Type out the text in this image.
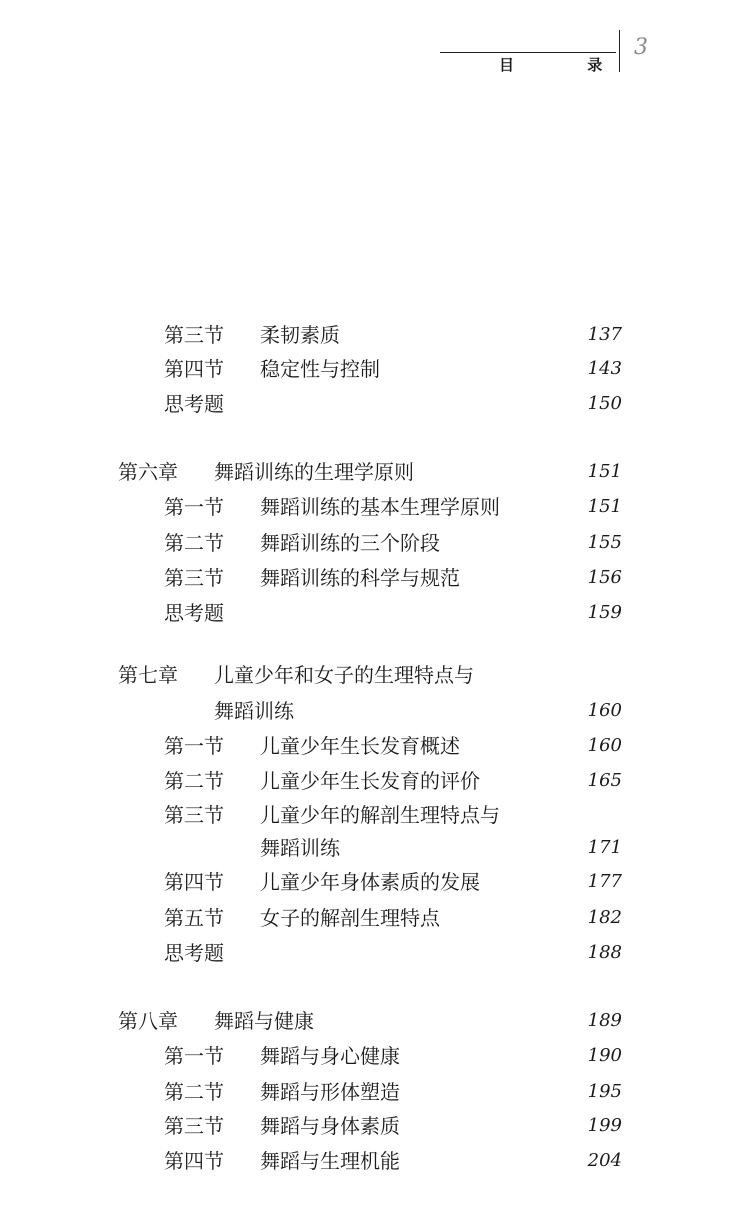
目 录
3
第三节 柔韧素质	137
第四节 稳定性与控制	143
思考题	150
第六章 舞蹈训练的生理学原则	151
第一节 舞蹈训练的基本生理学原则	151
第二节 舞蹈训练的三个阶段	155
第三节 舞蹈训练的科学与规范	156
思考题	159
第七章 儿童少年和女子的生理特点与
舞蹈训练	160
第一节 儿童少年生长发育概述	160
第二节 儿童少年生长发育的评价	165
第三节 儿童少年的解剖生理特点与
舞蹈训练	171
第四节 儿童少年身体素质的发展	177
第五节 女子的解剖生理特点	182
思考题	188
第八章 舞蹈与健康	189
第一节 舞蹈与身心健康	190
第二节 舞蹈与形体塑造	195
第三节 舞蹈与身体素质	199
第四节 舞蹈与生理机能	204
